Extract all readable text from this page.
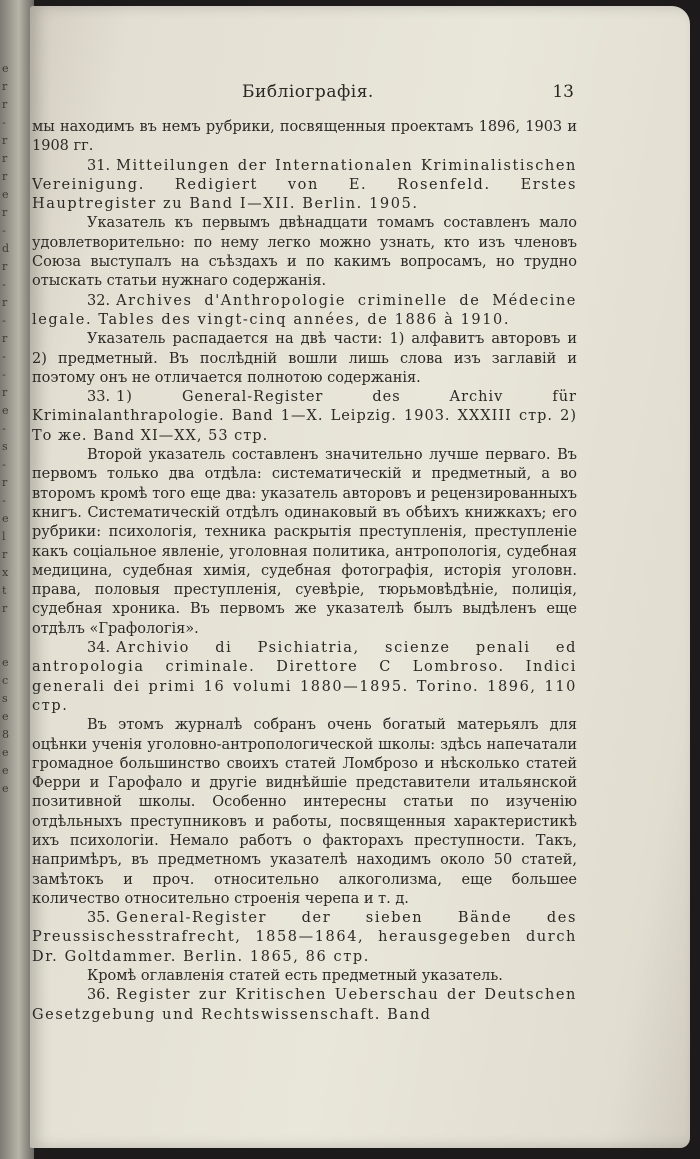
e
r
r
-
r
r
r
e
r
-
d
r
-
r
-
r
-
-
r
e
-
s
-
r
-
e
l
r
x
t
r

e
c
s
e
8
e
e
e
Библіографія.	13

мы находимъ въ немъ рубрики, посвященныя проектамъ 1896, 1903 и 1908 гг.

31. Mitteilungen der Internationalen Kriminalistischen Vereinigung. Redigiert von E. Rosenfeld. Erstes Hauptregister zu Band I—XII. Berlin. 1905.

Указатель къ первымъ двѣнадцати томамъ составленъ мало удовлетворительно: по нему легко можно узнать, кто изъ членовъ Союза выступалъ на съѣздахъ и по какимъ вопросамъ, но трудно отыскать статьи нужнаго содержанія.

32. Archives d'Anthropologie criminelle de Médecine legale. Tables des vingt-cinq années, de 1886 à 1910.

Указатель распадается на двѣ части: 1) алфавитъ авторовъ и 2) предметный. Въ послѣдній вошли лишь слова изъ заглавій и поэтому онъ не отличается полнотою содержанія.

33. 1) General-Register des Archiv für Kriminalanthrapologie. Band 1—X. Leipzig. 1903. XXXIII стр. 2) То же. Band XI—XX, 53 стр.

Второй указатель составленъ значительно лучше перваго. Въ первомъ только два отдѣла: систематическій и предметный, а во второмъ кромѣ того еще два: указатель авторовъ и рецензированныхъ книгъ. Систематическій отдѣлъ одинаковый въ обѣихъ книжкахъ; его рубрики: психологія, техника раскрытія преступленія, преступленіе какъ соціальное явленіе, уголовная политика, антропологія, судебная медицина, судебная химія, судебная фотографія, исторія уголовн. права, половыя преступленія, суевѣріе, тюрьмовѣдѣніе, полиція, судебная хроника. Въ первомъ же указателѣ былъ выдѣленъ еще отдѣлъ «Графологія».

34. Archivio di Psichiatria, scienze penali ed antropologia criminale. Direttore C Lombroso. Indici generali dei primi 16 volumi 1880—1895. Torino. 1896, 110 стр.

Въ этомъ журналѣ собранъ очень богатый матерьялъ для оцѣнки ученія уголовно-антропологической школы: здѣсь напечатали громадное большинство своихъ статей Ломброзо и нѣсколько статей Ферри и Гарофало и другіе виднѣйшіе представители итальянской позитивной школы. Особенно интересны статьи по изученію отдѣльныхъ преступниковъ и работы, посвященныя характеристикѣ ихъ психологіи. Немало работъ о факторахъ преступности. Такъ, напримѣръ, въ предметномъ указателѣ находимъ около 50 статей, замѣтокъ и проч. относительно алкоголизма, еще большее количество относительно строенія черепа и т. д.

35. General-Register der sieben Bände des Preussischesstrafrecht, 1858—1864, herausgegeben durch Dr. Goltdammer. Berlin. 1865, 86 стр.

Кромѣ оглавленія статей есть предметный указатель.

36. Register zur Kritischen Ueberschau der Deutschen Gesetzgebung und Rechtswissenschaft. Band
